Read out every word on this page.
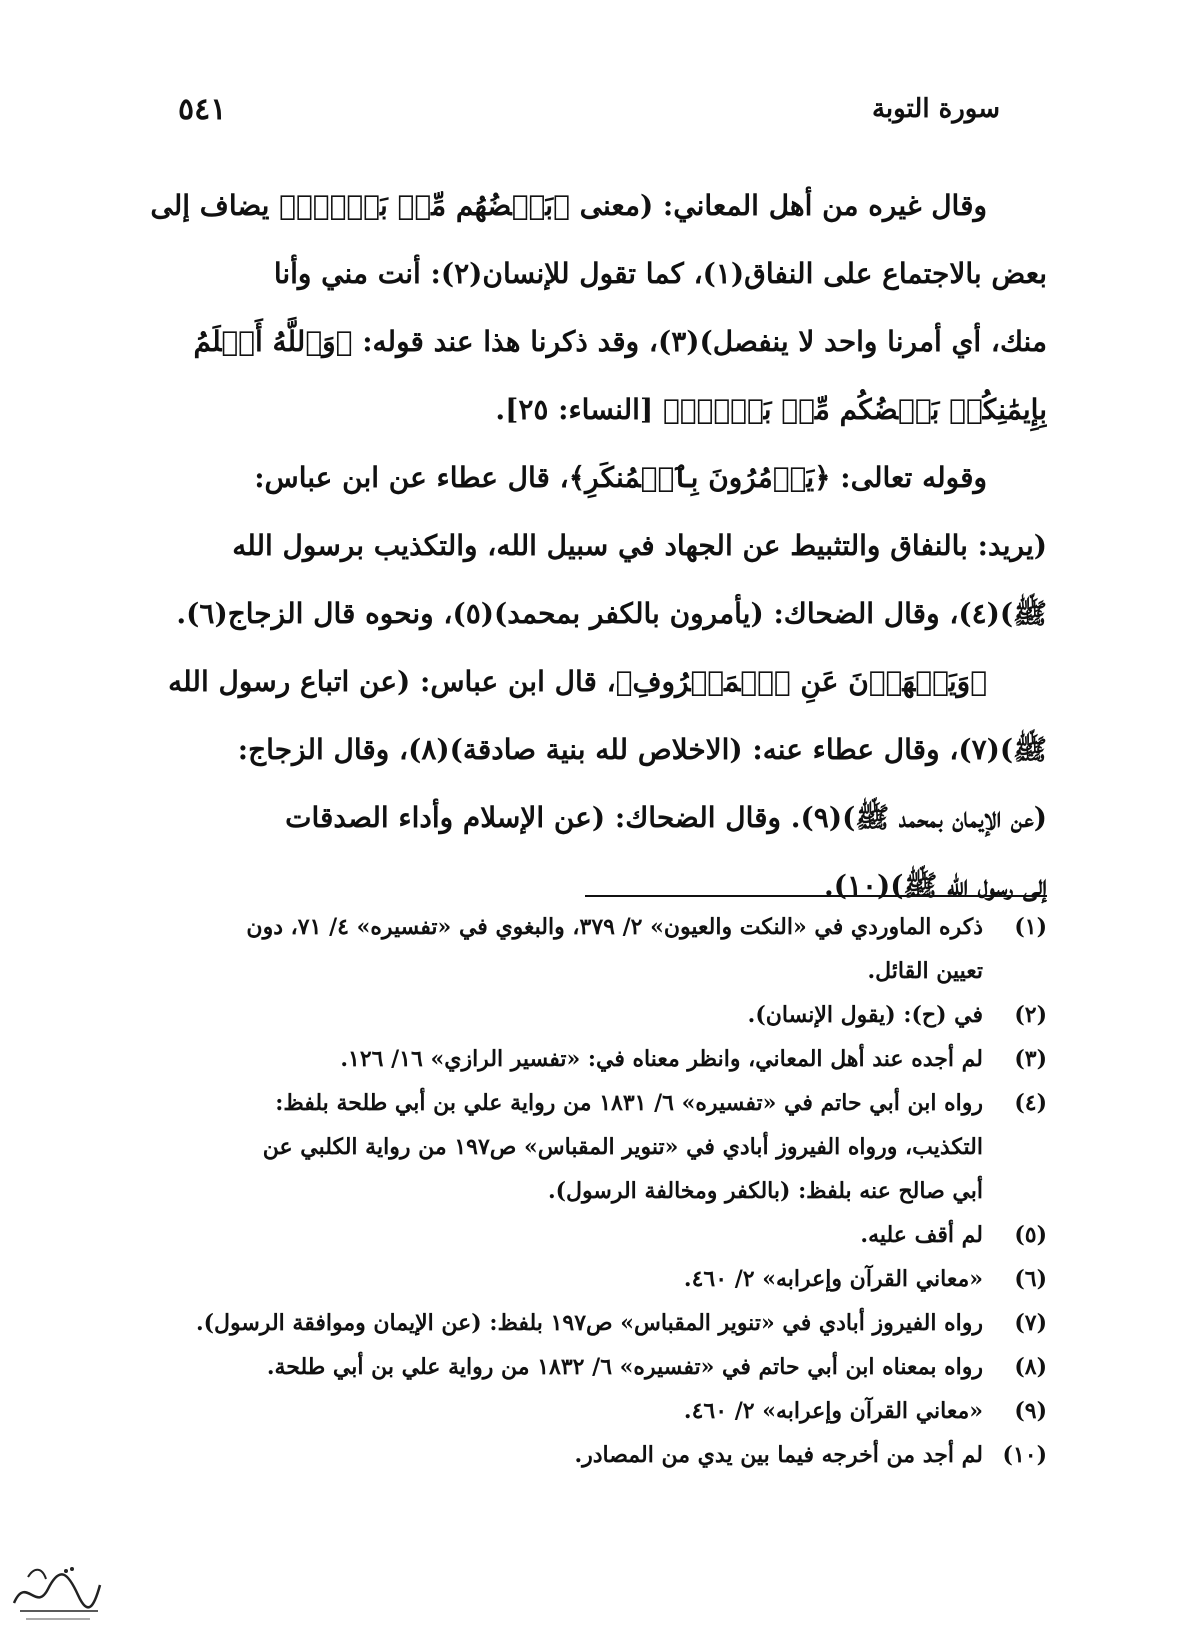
٥٤١	سورة التوبة
وقال غيره من أهل المعاني: (معنى ﴿بَعۡضُهُم مِّنۢ بَعۡضٖۚ﴾ يضاف إلى
بعض بالاجتماع على النفاق(١)، كما تقول للإنسان(٢): أنت مني وأنا
منك، أي أمرنا واحد لا ينفصل)(٣)، وقد ذكرنا هذا عند قوله: ﴿وَٱللَّهُ أَعۡلَمُ
بِإِيمَٰنِكُمۚ بَعۡضُكُم مِّنۢ بَعۡضٖۚ﴾ [النساء: ٢٥].
وقوله تعالى: ﴿يَأۡمُرُونَ بِٱلۡمُنكَرِ﴾، قال عطاء عن ابن عباس:
(يريد: بالنفاق والتثبيط عن الجهاد في سبيل الله، والتكذيب برسول الله
ﷺ)(٤)، وقال الضحاك: (يأمرون بالكفر بمحمد)(٥)، ونحوه قال الزجاج(٦).
﴿وَيَنۡهَوۡنَ عَنِ ٱلۡمَعۡرُوفِ﴾، قال ابن عباس: (عن اتباع رسول الله
ﷺ)(٧)، وقال عطاء عنه: (الاخلاص لله بنية صادقة)(٨)، وقال الزجاج:
(عن الإيمان بمحمد ﷺ)(٩). وقال الضحاك: (عن الإسلام وأداء الصدقات
إلى رسول الله ﷺ)(١٠).
(١)
ذكره الماوردي في «النكت والعيون» ٢/ ٣٧٩، والبغوي في «تفسيره» ٤/ ٧١، دون
تعيين القائل.
(٢)
في (ح): (يقول الإنسان).
(٣)
لم أجده عند أهل المعاني، وانظر معناه في: «تفسير الرازي» ١٦/ ١٢٦.
(٤)
رواه ابن أبي حاتم في «تفسيره» ٦/ ١٨٣١ من رواية علي بن أبي طلحة بلفظ:
التكذيب، ورواه الفيروز أبادي في «تنوير المقباس» ص١٩٧ من رواية الكلبي عن
أبي صالح عنه بلفظ: (بالكفر ومخالفة الرسول).
(٥)
لم أقف عليه.
(٦)
«معاني القرآن وإعرابه» ٢/ ٤٦٠.
(٧)
رواه الفيروز أبادي في «تنوير المقباس» ص١٩٧ بلفظ: (عن الإيمان وموافقة الرسول).
(٨)
رواه بمعناه ابن أبي حاتم في «تفسيره» ٦/ ١٨٣٢ من رواية علي بن أبي طلحة.
(٩)
«معاني القرآن وإعرابه» ٢/ ٤٦٠.
(١٠)
لم أجد من أخرجه فيما بين يدي من المصادر.
